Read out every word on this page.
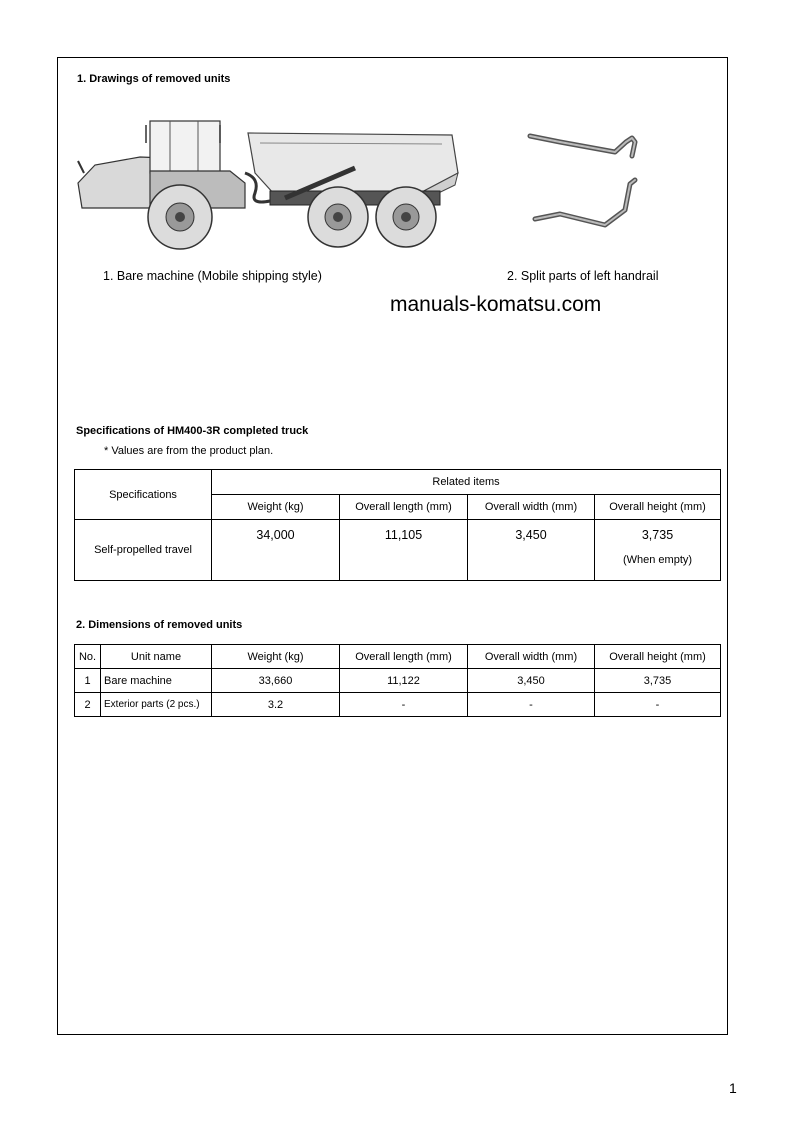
1. Drawings of removed units
1. Bare machine (Mobile shipping style)	2. Split parts of left handrail
manuals-komatsu.com
Specifications of HM400-3R completed truck
* Values are from the product plan.
Specifications	Related items			
	Weight (kg)	Overall length (mm)	Overall width (mm)	Overall height (mm)
Self-propelled travel	34,000	11,105	3,450	3,735
(When empty)
2. Dimensions of removed units
No.	Unit name	Weight (kg)	Overall length (mm)	Overall width (mm)	Overall height (mm)
1	Bare machine	33,660	11,122	3,450	3,735
2	Exterior parts (2 pcs.)	3.2	-	-	-
1
